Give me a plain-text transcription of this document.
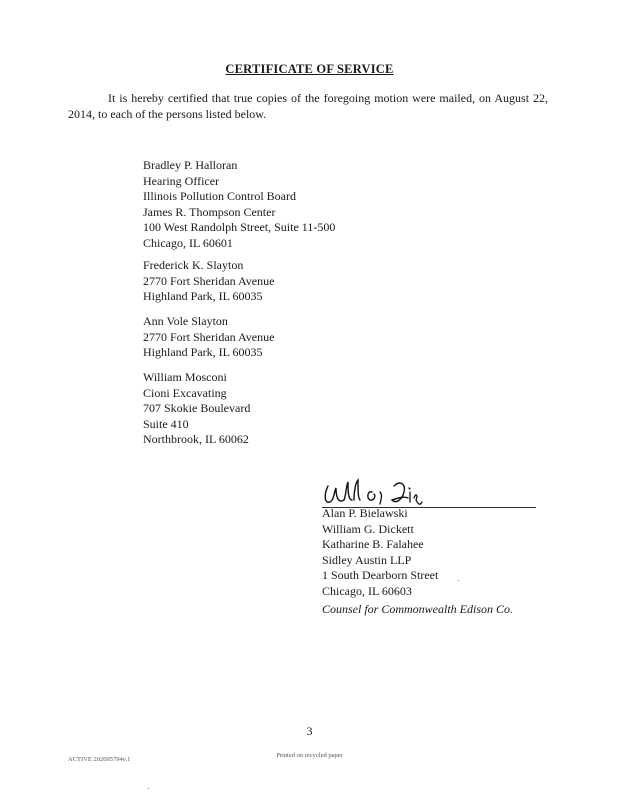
CERTIFICATE OF SERVICE
It is hereby certified that true copies of the foregoing motion were mailed, on August 22, 2014, to each of the persons listed below.
Bradley P. Halloran
Hearing Officer
Illinois Pollution Control Board
James R. Thompson Center
100 West Randolph Street, Suite 11-500
Chicago, IL 60601
Frederick K. Slayton
2770 Fort Sheridan Avenue
Highland Park, IL 60035
Ann Vole Slayton
2770 Fort Sheridan Avenue
Highland Park, IL 60035
William Mosconi
Cioni Excavating
707 Skokie Boulevard
Suite 410
Northbrook, IL 60062
Alan P. Bielawski
William G. Dickett
Katharine B. Falahee
Sidley Austin LLP
1 South Dearborn Street
Chicago, IL 60603
Counsel for Commonwealth Edison Co.
3
Printed on recycled paper
ACTIVE 202095794v.1
